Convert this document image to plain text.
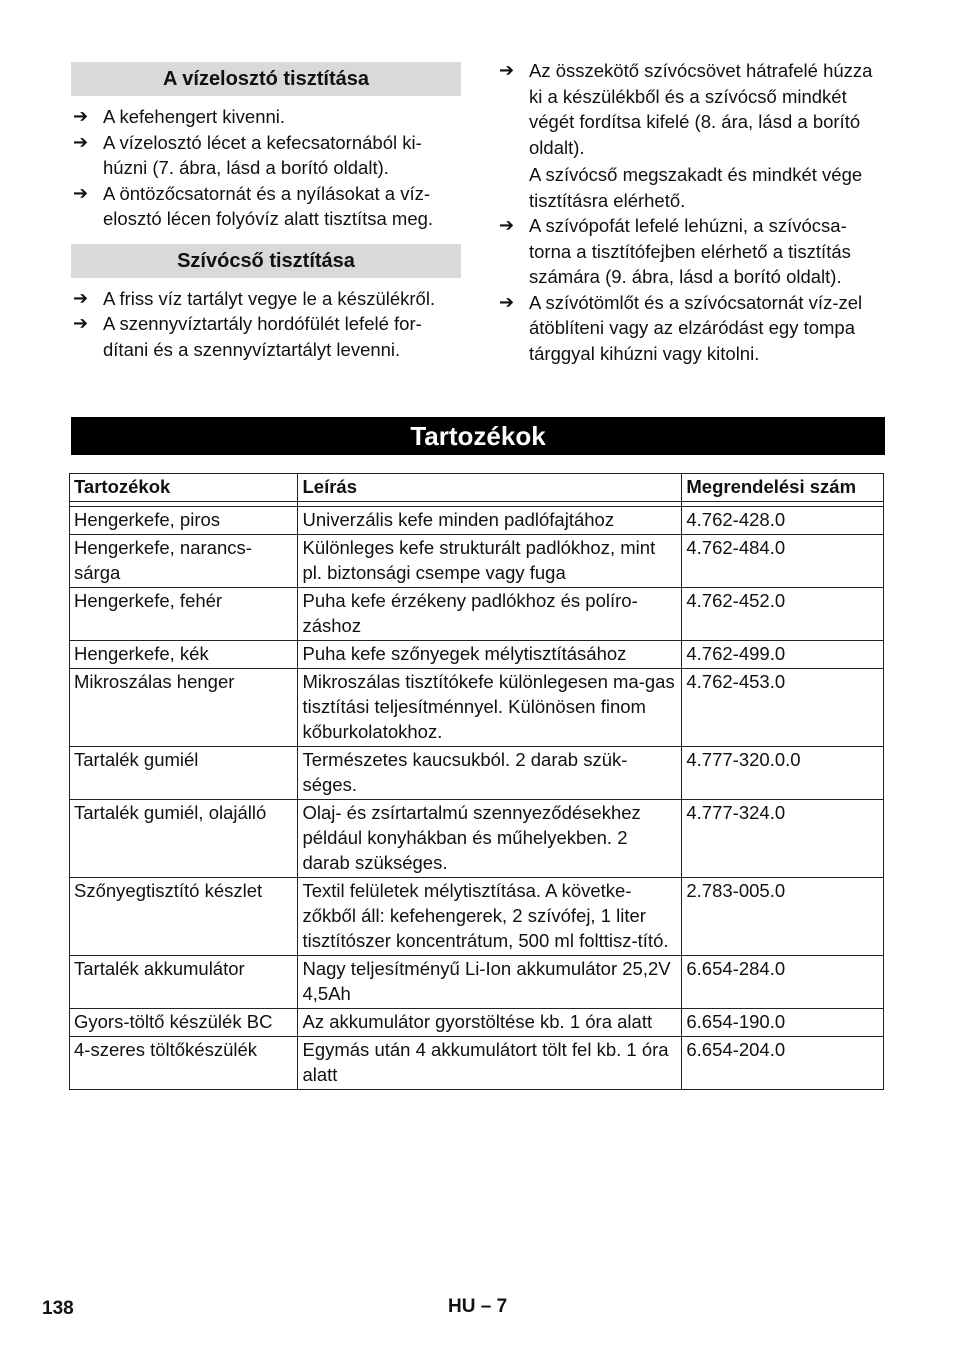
A vízelosztó tisztítása
➔ A kefehengert kivenni.
➔ A vízelosztó lécet a kefecsatornából ki-húzni (7. ábra, lásd a borító oldalt).
➔ A öntözőcsatornát és a nyílásokat a víz-elosztó lécen folyóvíz alatt tisztítsa meg.
Szívócső tisztítása
➔ A friss víz tartályt vegye le a készülékről.
➔ A szennyvíztartály hordófülét lefelé for-dítani és a szennyvíztartályt levenni.
➔ Az összekötő szívócsövet hátrafelé húzza ki a készülékből és a szívócső mindkét végét fordítsa kifelé (8. ára, lásd a borító oldalt).
A szívócső megszakadt és mindkét vége tisztításra elérhető.
➔ A szívópofát lefelé lehúzni, a szívócsa-torna a tisztítófejben elérhető a tisztítás számára (9. ábra, lásd a borító oldalt).
➔ A szívótömlőt és a szívócsatornát víz-zel átöblíteni vagy az elzáródást egy tompa tárggyal kihúzni vagy kitolni.
Tartozékok
Tartozékok	Leírás	Megrendelési szám

Hengerkefe, piros	Univerzális kefe minden padlófajtához	4.762-428.0
Hengerkefe, narancs-sárga	Különleges kefe strukturált padlókhoz, mint pl. biztonsági csempe vagy fuga	4.762-484.0
Hengerkefe, fehér	Puha kefe érzékeny padlókhoz és políro-záshoz	4.762-452.0
Hengerkefe, kék	Puha kefe szőnyegek mélytisztításához	4.762-499.0
Mikroszálas henger	Mikroszálas tisztítókefe különlegesen ma-gas tisztítási teljesítménnyel. Különösen finom kőburkolatokhoz.	4.762-453.0
Tartalék gumiél	Természetes kaucsukból. 2 darab szük-séges.	4.777-320.0.0
Tartalék gumiél, olajálló	Olaj- és zsírtartalmú szennyeződésekhez például konyhákban és műhelyekben. 2 darab szükséges.	4.777-324.0
Szőnyegtisztító készlet	Textil felületek mélytisztítása. A követke-zőkből áll: kefehengerek, 2 szívófej, 1 liter tisztítószer koncentrátum, 500 ml folttisz-tító.	2.783-005.0
Tartalék akkumulátor	Nagy teljesítményű Li-Ion akkumulátor 25,2V 4,5Ah	6.654-284.0
Gyors-töltő készülék BC	Az akkumulátor gyorstöltése kb. 1 óra alatt	6.654-190.0
4-szeres töltőkészülék	Egymás után 4 akkumulátort tölt fel kb. 1 óra alatt	6.654-204.0
138	HU – 7
